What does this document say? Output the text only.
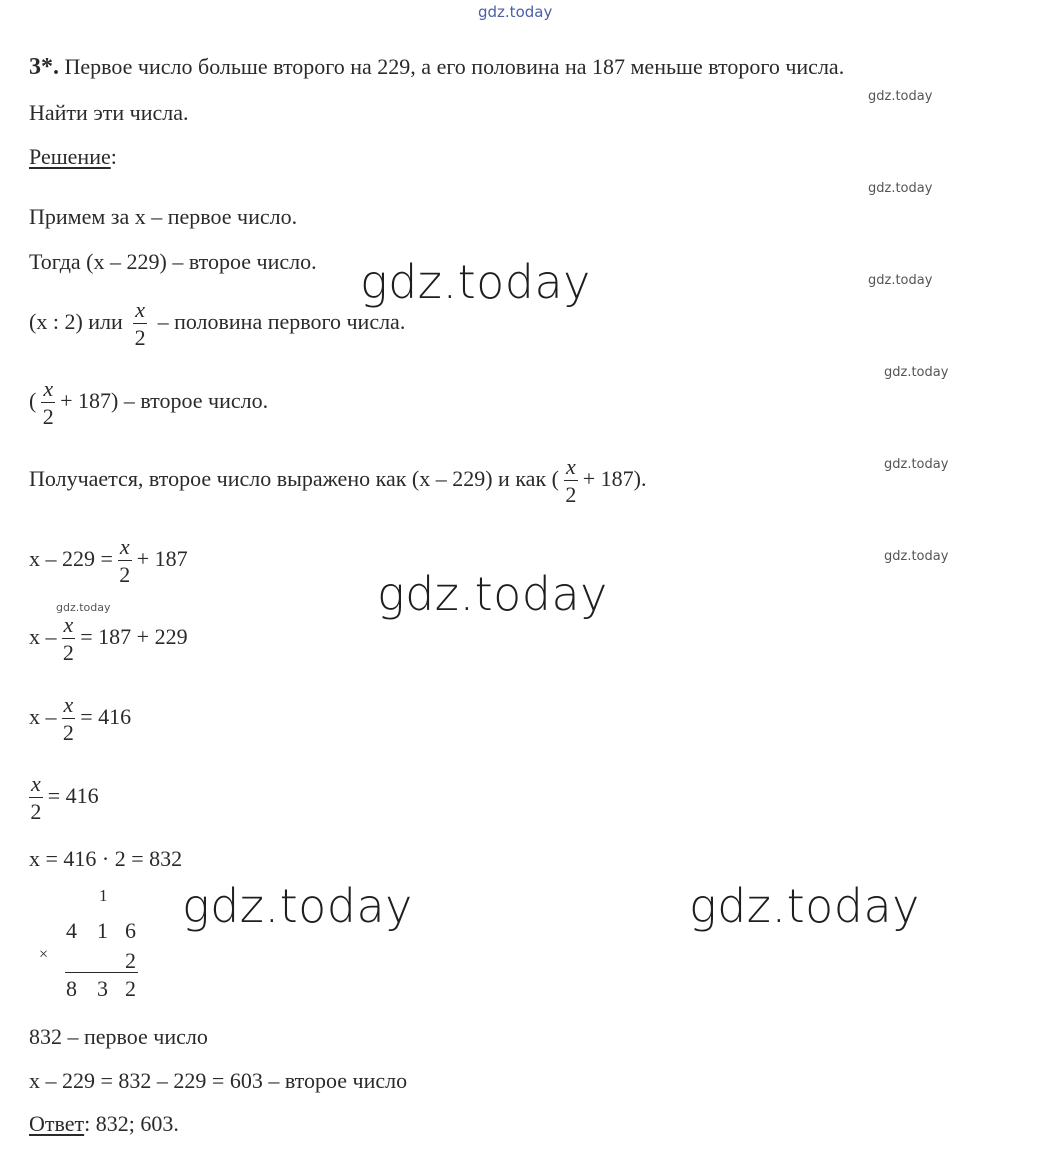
gdz.today
3*. Первое число больше второго на 229, а его половина на 187 меньше второго числа.
Найти эти числа.
Решение:
Примем за x – первое число.
Тогда (x – 229) – второе число.
(x : 2) или $\frac{x}{2}$ – половина первого числа.
( $\frac{x}{2} + 187$) – второе число.
Получается, второе число выражено как (x – 229) и как ( $\frac{x}{2} + 187$).
$x - 229 = \frac{x}{2} + 187$
$x - \frac{x}{2} = 187 + 229$
$x - \frac{x}{2} = 416$
$\frac{x}{2} = 416$
x = 416 · 2 = 832
1
4 1 6
×	2
8 3 2
832 – первое число
x – 229 = 832 – 229 = 603 – второе число
Ответ: 832; 603.
gdz.today
gdz.today
gdz.today
gdz.today
gdz.today
gdz.today
gdz.today
gdz.today
gdz.today
gdz.today	gdz.today
